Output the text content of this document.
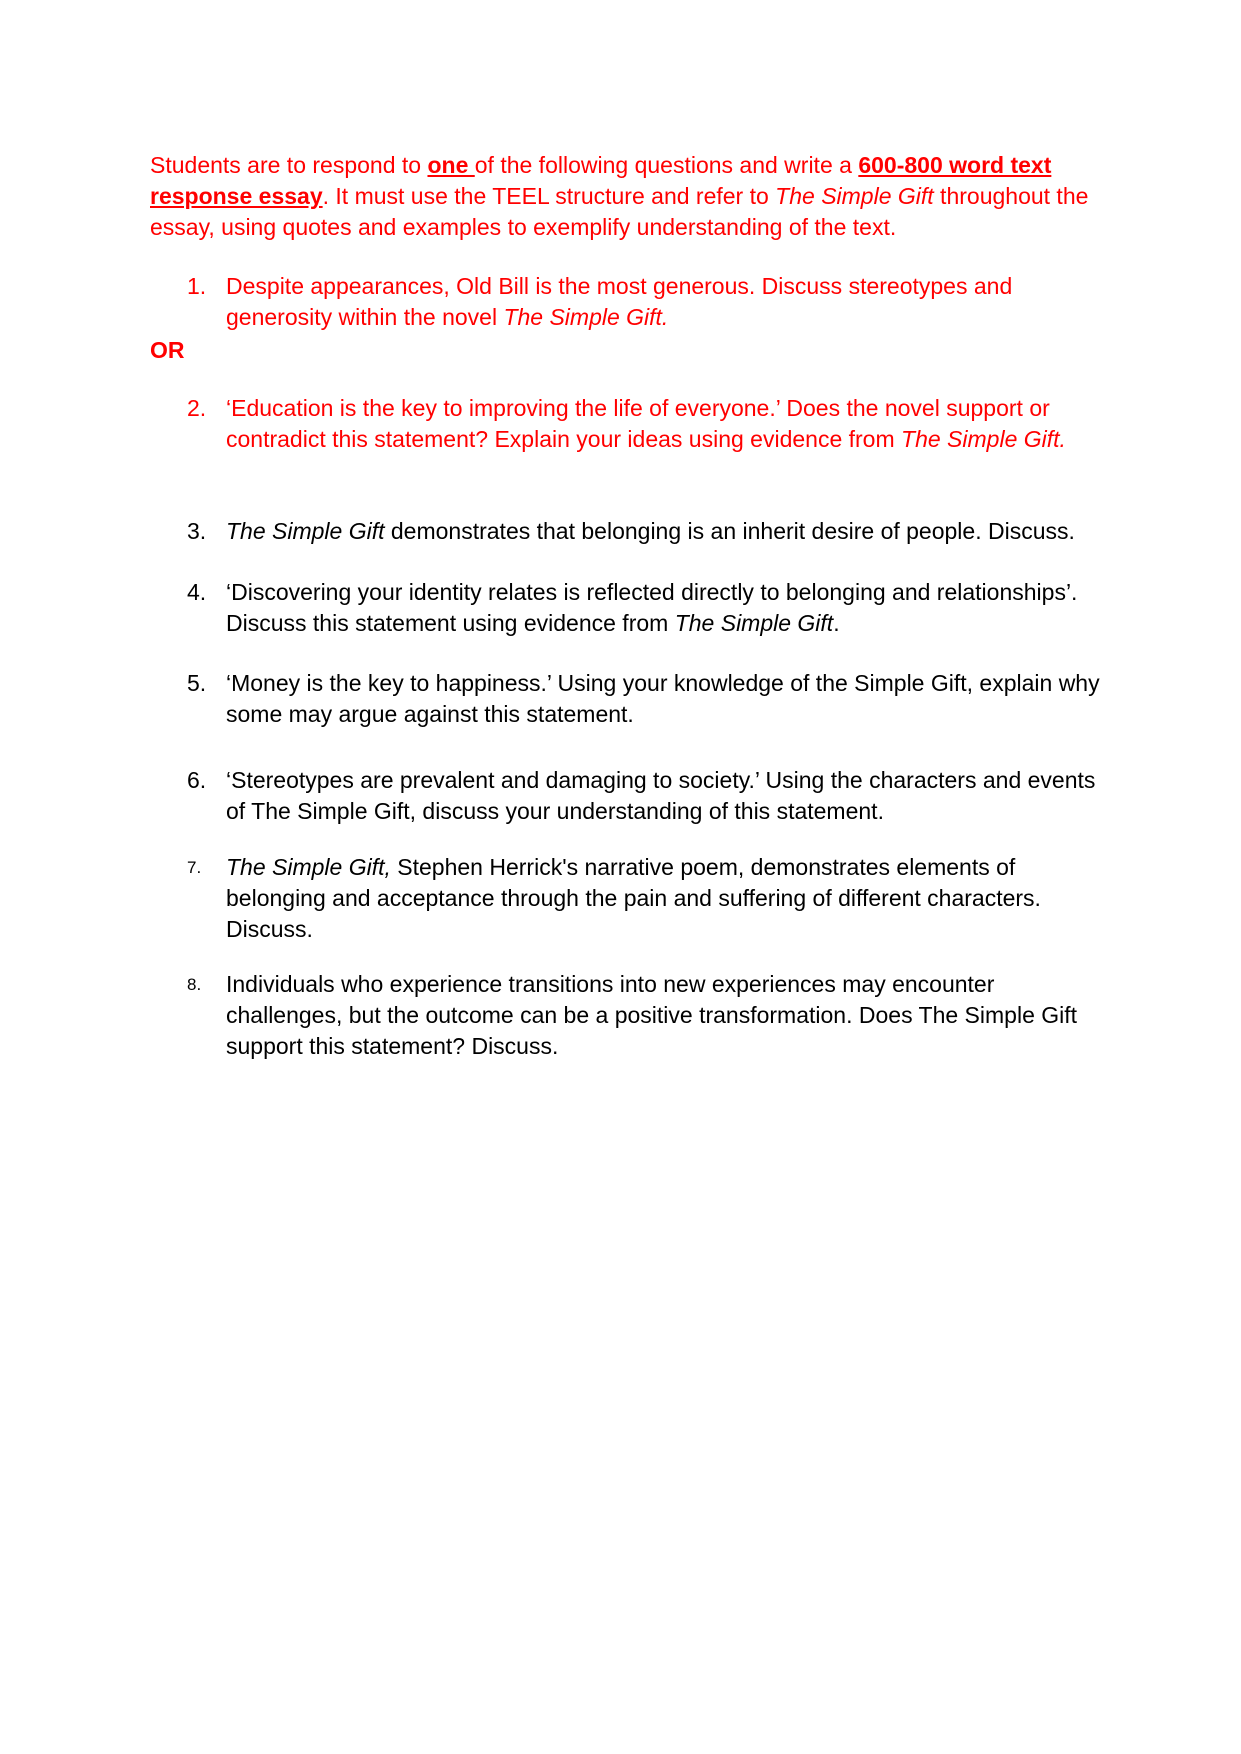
Students are to respond to one of the following questions and write a 600-800 word text response essay. It must use the TEEL structure and refer to The Simple Gift throughout the essay, using quotes and examples to exemplify understanding of the text.

1. Despite appearances, Old Bill is the most generous. Discuss stereotypes and generosity within the novel The Simple Gift.
OR
2. ‘Education is the key to improving the life of everyone.’ Does the novel support or contradict this statement? Explain your ideas using evidence from The Simple Gift.
3. The Simple Gift demonstrates that belonging is an inherit desire of people. Discuss.
4. ‘Discovering your identity relates is reflected directly to belonging and relationships’. Discuss this statement using evidence from The Simple Gift.
5. ‘Money is the key to happiness.’ Using your knowledge of the Simple Gift, explain why some may argue against this statement.
6. ‘Stereotypes are prevalent and damaging to society.’ Using the characters and events of The Simple Gift, discuss your understanding of this statement.
7. The Simple Gift, Stephen Herrick's narrative poem, demonstrates elements of belonging and acceptance through the pain and suffering of different characters. Discuss.
8. Individuals who experience transitions into new experiences may encounter challenges, but the outcome can be a positive transformation. Does The Simple Gift support this statement? Discuss.
